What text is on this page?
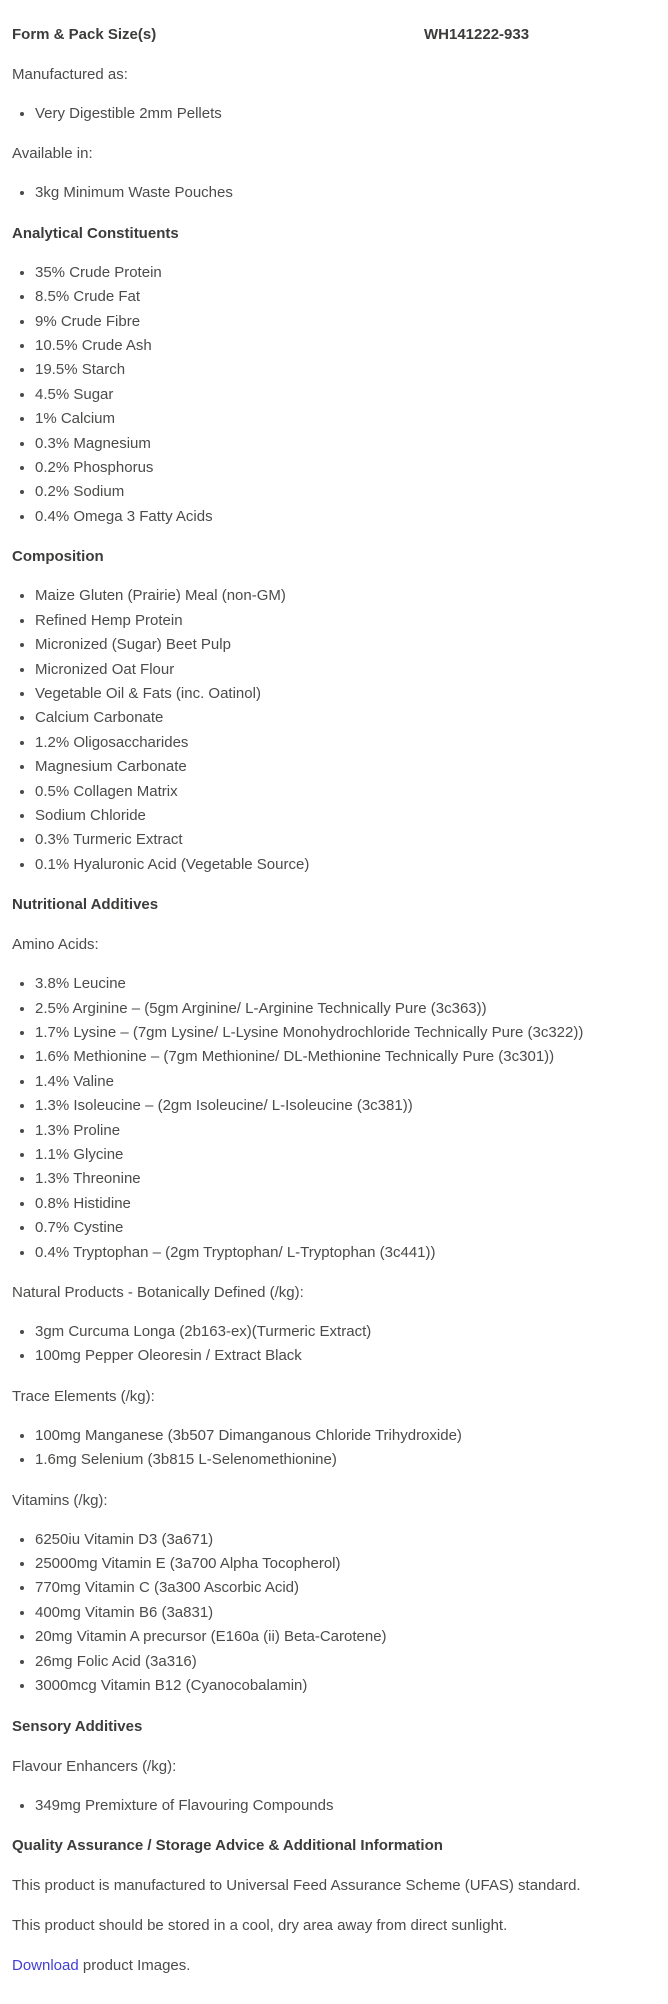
Form & Pack Size(s)	WH141222-933

Manufactured as:

• Very Digestible 2mm Pellets

Available in:

• 3kg Minimum Waste Pouches
Analytical Constituents
• 35% Crude Protein
• 8.5% Crude Fat
• 9% Crude Fibre
• 10.5% Crude Ash
• 19.5% Starch
• 4.5% Sugar
• 1% Calcium
• 0.3% Magnesium
• 0.2% Phosphorus
• 0.2% Sodium
• 0.4% Omega 3 Fatty Acids
Composition
• Maize Gluten (Prairie) Meal (non-GM)
• Refined Hemp Protein
• Micronized (Sugar) Beet Pulp
• Micronized Oat Flour
• Vegetable Oil & Fats (inc. Oatinol)
• Calcium Carbonate
• 1.2% Oligosaccharides
• Magnesium Carbonate
• 0.5% Collagen Matrix
• Sodium Chloride
• 0.3% Turmeric Extract
• 0.1% Hyaluronic Acid (Vegetable Source)
Nutritional Additives

Amino Acids:

• 3.8% Leucine
• 2.5% Arginine – (5gm Arginine/ L-Arginine Technically Pure (3c363))
• 1.7% Lysine – (7gm Lysine/ L-Lysine Monohydrochloride Technically Pure (3c322))
• 1.6% Methionine – (7gm Methionine/ DL-Methionine Technically Pure (3c301))
• 1.4% Valine
• 1.3% Isoleucine – (2gm Isoleucine/ L-Isoleucine (3c381))
• 1.3% Proline
• 1.1% Glycine
• 1.3% Threonine
• 0.8% Histidine
• 0.7% Cystine
• 0.4% Tryptophan – (2gm Tryptophan/ L-Tryptophan (3c441))

Natural Products - Botanically Defined (/kg):

• 3gm Curcuma Longa (2b163-ex)(Turmeric Extract)
• 100mg Pepper Oleoresin / Extract Black

Trace Elements (/kg):

• 100mg Manganese (3b507 Dimanganous Chloride Trihydroxide)
• 1.6mg Selenium (3b815 L-Selenomethionine)

Vitamins (/kg):

• 6250iu Vitamin D3 (3a671)
• 25000mg Vitamin E (3a700 Alpha Tocopherol)
• 770mg Vitamin C (3a300 Ascorbic Acid)
• 400mg Vitamin B6 (3a831)
• 20mg Vitamin A precursor (E160a (ii) Beta-Carotene)
• 26mg Folic Acid (3a316)
• 3000mcg Vitamin B12 (Cyanocobalamin)
Sensory Additives

Flavour Enhancers (/kg):

• 349mg Premixture of Flavouring Compounds
Quality Assurance / Storage Advice & Additional Information

This product is manufactured to Universal Feed Assurance Scheme (UFAS) standard.

This product should be stored in a cool, dry area away from direct sunlight.

Download product Images.
